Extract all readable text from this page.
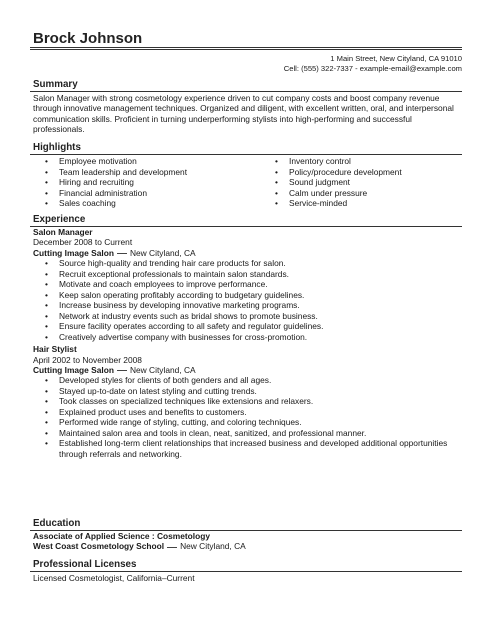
Brock Johnson
1 Main Street, New Cityland, CA 91010
Cell: (555) 322-7337 - example-email@example.com
Summary
Salon Manager with strong cosmetology experience driven to cut company costs and boost company revenue through innovative management techniques. Organized and diligent, with excellent written, oral, and interpersonal communication skills. Proficient in turning underperforming stylists into high-performing and successful professionals.
Highlights
• Employee motivation
• Team leadership and development
• Hiring and recruiting
• Financial administration
• Sales coaching
• Inventory control
• Policy/procedure development
• Sound judgment
• Calm under pressure
• Service-minded
Experience
Salon Manager
December 2008 to Current
Cutting Image Salon New Cityland, CA
• Source high-quality and trending hair care products for salon.
• Recruit exceptional professionals to maintain salon standards.
• Motivate and coach employees to improve performance.
• Keep salon operating profitably according to budgetary guidelines.
• Increase business by developing innovative marketing programs.
• Network at industry events such as bridal shows to promote business.
• Ensure facility operates according to all safety and regulator guidelines.
• Creatively advertise company with businesses for cross-promotion.
Hair Stylist
April 2002 to November 2008
Cutting Image Salon New Cityland, CA
• Developed styles for clients of both genders and all ages.
• Stayed up-to-date on latest styling and cutting trends.
• Took classes on specialized techniques like extensions and relaxers.
• Explained product uses and benefits to customers.
• Performed wide range of styling, cutting, and coloring techniques.
• Maintained salon area and tools in clean, neat, sanitized, and professional manner.
• Established long-term client relationships that increased business and developed additional opportunities through referrals and networking.
Education
Associate of Applied Science : Cosmetology
West Coast Cosmetology School New Cityland, CA
Professional Licenses
Licensed Cosmetologist, California–Current
